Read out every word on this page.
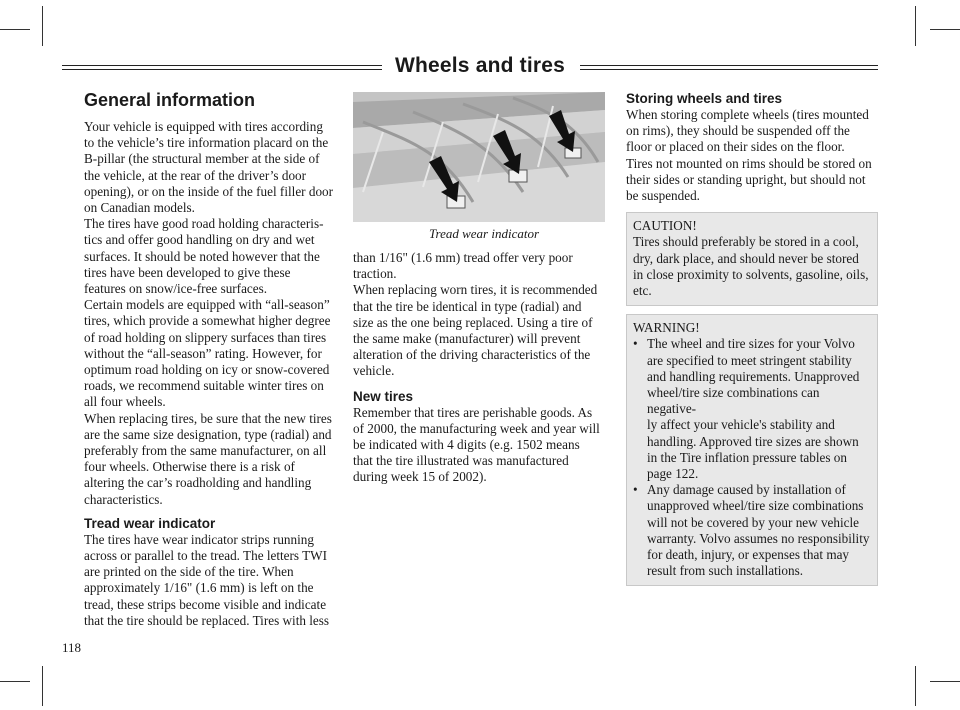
Wheels and tires
General information

Your vehicle is equipped with tires according
to the vehicle’s tire information placard on the
B-pillar (the structural member at the side of
the vehicle, at the rear of the driver’s door
opening), or on the inside of the fuel filler door
on Canadian models.

The tires have good road holding characteris-
tics and offer good handling on dry and wet
surfaces. It should be noted however that the
tires have been developed to give these
features on snow/ice-free surfaces.

Certain models are equipped with “all-season”
tires, which provide a somewhat higher degree
of road holding on slippery surfaces than tires
without the “all-season” rating. However, for
optimum road holding on icy or snow-covered
roads, we recommend suitable winter tires on
all four wheels.

When replacing tires, be sure that the new tires
are the same size designation, type (radial) and
preferably from the same manufacturer, on all
four wheels. Otherwise there is a risk of
altering the car’s roadholding and handling
characteristics.

Tread wear indicator

The tires have wear indicator strips running
across or parallel to the tread. The letters TWI
are printed on the side of the tire. When
approximately 1/16" (1.6 mm) is left on the
tread, these strips become visible and indicate
that the tire should be replaced. Tires with less

Tread wear indicator

than 1/16" (1.6 mm) tread offer very poor
traction.

When replacing worn tires, it is recommended
that the tire be identical in type (radial) and
size as the one being replaced. Using a tire of
the same make (manufacturer) will prevent
alteration of the driving characteristics of the
vehicle.

New tires

Remember that tires are perishable goods. As
of 2000, the manufacturing week and year will
be indicated with 4 digits (e.g. 1502 means
that the tire illustrated was manufactured
during week 15 of 2002).

Storing wheels and tires

When storing complete wheels (tires mounted
on rims), they should be suspended off the
floor or placed on their sides on the floor.
Tires not mounted on rims should be stored on
their sides or standing upright, but should not
be suspended.

CAUTION!

Tires should preferably be stored in a cool,
dry, dark place, and should never be stored
in close proximity to solvents, gasoline, oils,
etc.

WARNING!
• The wheel and tire sizes for your Volvo
are specified to meet stringent stability
and handling requirements. Unapproved
wheel/tire size combinations can negative-
ly affect your vehicle's stability and
handling. Approved tire sizes are shown
in the Tire inflation pressure tables on
page 122.
• Any damage caused by installation of
unapproved wheel/tire size combinations
will not be covered by your new vehicle
warranty. Volvo assumes no responsibility
for death, injury, or expenses that may
result from such installations.
118
